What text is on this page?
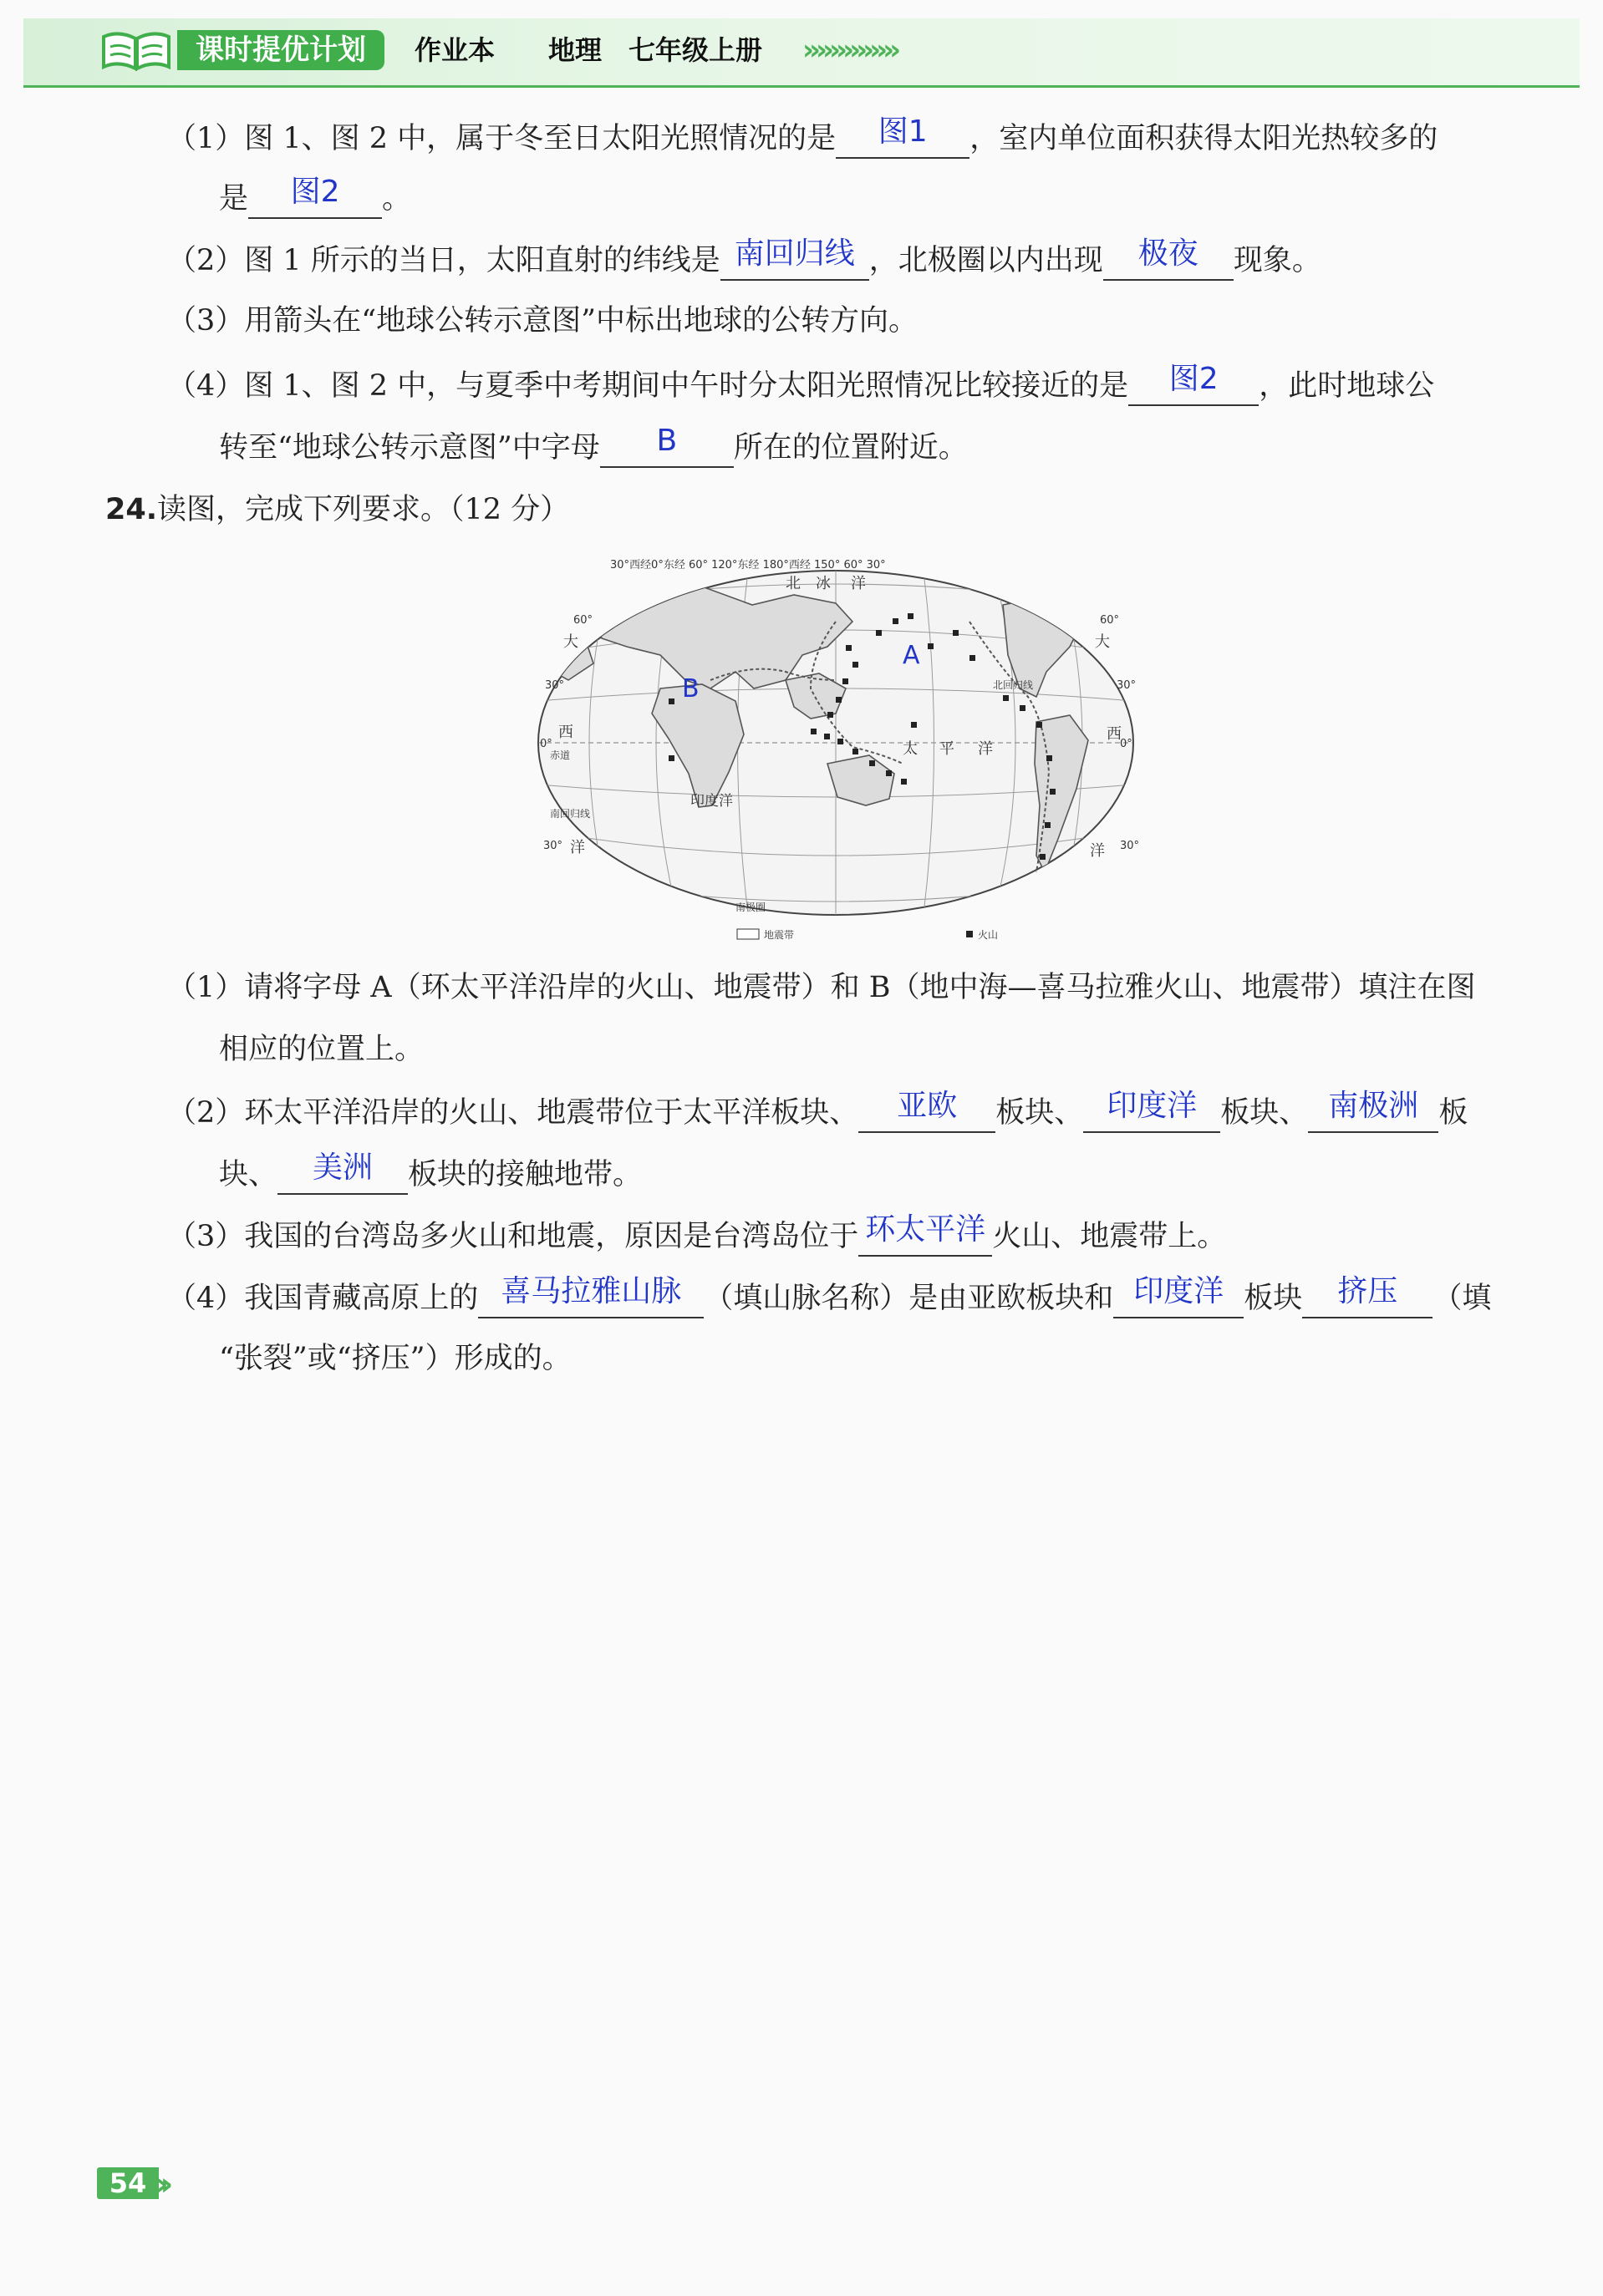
课时提优计划	作业本 地理　七年级上册 ››››››››››››››
（1）图 1、图 2 中，属于冬至日太阳光照情况的是 图1 ，室内单位面积获得太阳光热较多的
是 图2 。
（2）图 1 所示的当日，太阳直射的纬线是 南回归线 ，北极圈以内出现 极夜 现象。
（3）用箭头在“地球公转示意图”中标出地球的公转方向。
（4）图 1、图 2 中，与夏季中考期间中午时分太阳光照情况比较接近的是 图2 ，此时地球公
转至“地球公转示意图”中字母 B 所在的位置附近。
24.读图，完成下列要求。（12 分）
30°西经0°东经 60° 120°东经 180°西经 150° 60° 30°
60°
30°
0°
30°
60°
30°
0°
30°
北回归线
赤道
南回归线
南极圈
北 冰 洋
大
西
洋
印度洋
太 平 洋
大
西
洋
A
B
地震带	火山
（1）请将字母 A（环太平洋沿岸的火山、地震带）和 B（地中海—喜马拉雅火山、地震带）填注在图
相应的位置上。
（2）环太平洋沿岸的火山、地震带位于太平洋板块、 亚欧 板块、 印度洋 板块、 南极洲 板
块、 美洲 板块的接触地带。
（3）我国的台湾岛多火山和地震，原因是台湾岛位于 环太平洋 火山、地震带上。
（4）我国青藏高原上的 喜马拉雅山脉 （填山脉名称）是由亚欧板块和 印度洋 板块 挤压 （填
“张裂”或“挤压”）形成的。
54 ››
